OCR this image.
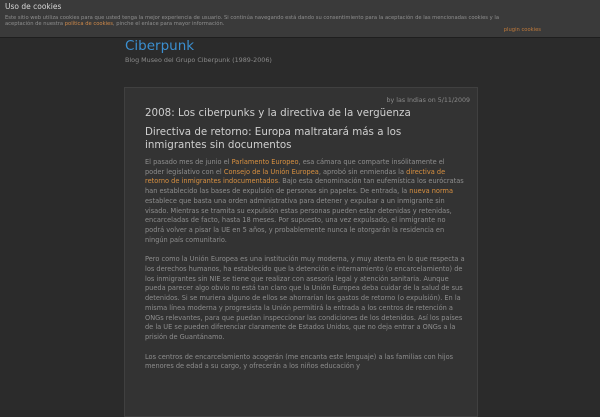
Uso de cookies
Este sitio web utiliza cookies para que usted tenga la mejor experiencia de usuario. Si continúa navegando está dando su consentimiento para la aceptación de las mencionadas cookies y la aceptación de nuestra política de cookies, pinche el enlace para mayor información.
plugin cookies
Ciberpunk
Blog Museo del Grupo Ciberpunk (1989-2006)
by las Indias on 5/11/2009
2008: Los ciberpunks y la directiva de la vergüenza
Directiva de retorno: Europa maltratará más a los inmigrantes sin documentos

El pasado mes de junio el Parlamento Europeo, esa cámara que comparte insólitamente el poder legislativo con el Consejo de la Unión Europea, aprobó sin enmiendas la directiva de retorno de inmigrantes indocumentados. Bajo esta denominación tan eufemística los eurócratas han establecido las bases de expulsión de personas sin papeles. De entrada, la nueva norma establece que basta una orden administrativa para detener y expulsar a un inmigrante sin visado. Mientras se tramita su expulsión estas personas pueden estar detenidas y retenidas, encarceladas de facto, hasta 18 meses. Por supuesto, una vez expulsado, el inmigrante no podrá volver a pisar la UE en 5 años, y probablemente nunca le otorgarán la residencia en ningún país comunitario.

Pero como la Unión Europea es una institución muy moderna, y muy atenta en lo que respecta a los derechos humanos, ha establecido que la detención e internamiento (o encarcelamiento) de los inmigrantes sin NIE se tiene que realizar con asesoría legal y atención sanitaria. Aunque pueda parecer algo obvio no está tan claro que la Unión Europea deba cuidar de la salud de sus detenidos. Si se muriera alguno de ellos se ahorrarían los gastos de retorno (o expulsión). En la misma línea moderna y progresista la Unión permitirá la entrada a los centros de retención a ONGs relevantes, para que puedan inspeccionar las condiciones de los detenidos. Así los países de la UE se pueden diferenciar claramente de Estados Unidos, que no deja entrar a ONGs a la prisión de Guantánamo.

Los centros de encarcelamiento acogerán (me encanta este lenguaje) a las familias con hijos menores de edad a su cargo, y ofrecerán a los niños educación y
